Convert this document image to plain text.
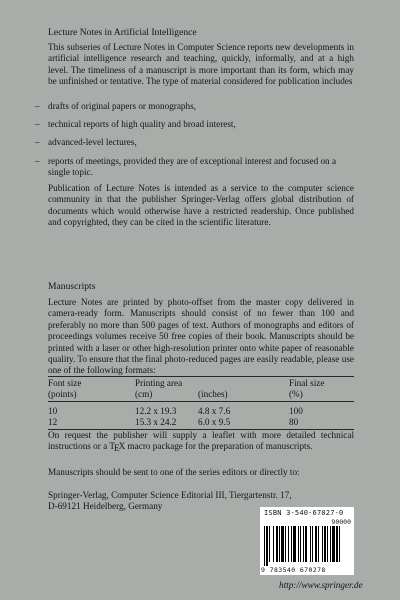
Lecture Notes in Artificial Intelligence

This subseries of Lecture Notes in Computer Science reports new developments in artificial intelligence research and teaching, quickly, informally, and at a high level. The timeliness of a manuscript is more important than its form, which may be unfinished or tentative. The type of material considered for publication includes

– drafts of original papers or monographs,
– technical reports of high quality and broad interest,
– advanced-level lectures,
– reports of meetings, provided they are of exceptional interest and focused on a single topic.

Publication of Lecture Notes is intended as a service to the computer science community in that the publisher Springer-Verlag offers global distribution of documents which would otherwise have a restricted readership. Once published and copyrighted, they can be cited in the scientific literature.

Manuscripts

Lecture Notes are printed by photo-offset from the master copy delivered in camera-ready form. Manuscripts should consist of no fewer than 100 and preferably no more than 500 pages of text. Authors of monographs and editors of proceedings volumes receive 50 free copies of their book. Manuscripts should be printed with a laser or other high-resolution printer onto white paper of reasonable quality. To ensure that the final photo-reduced pages are easily readable, please use one of the following formats:

Font size	Printing area		Final size
(points)	(cm)	(inches)	(%)
10	12.2 x 19.3	4.8 x 7.6	100
12	15.3 x 24.2	6.0 x 9.5	80

On request the publisher will supply a leaflet with more detailed technical instructions or a TEX macro package for the preparation of manuscripts.

Manuscripts should be sent to one of the series editors or directly to:

Springer-Verlag, Computer Science Editorial III, Tiergartenstr. 17,
D-69121 Heidelberg, Germany
ISBN 3-540-67027-0
90000
9 783540 670278
http://www.springer.de
